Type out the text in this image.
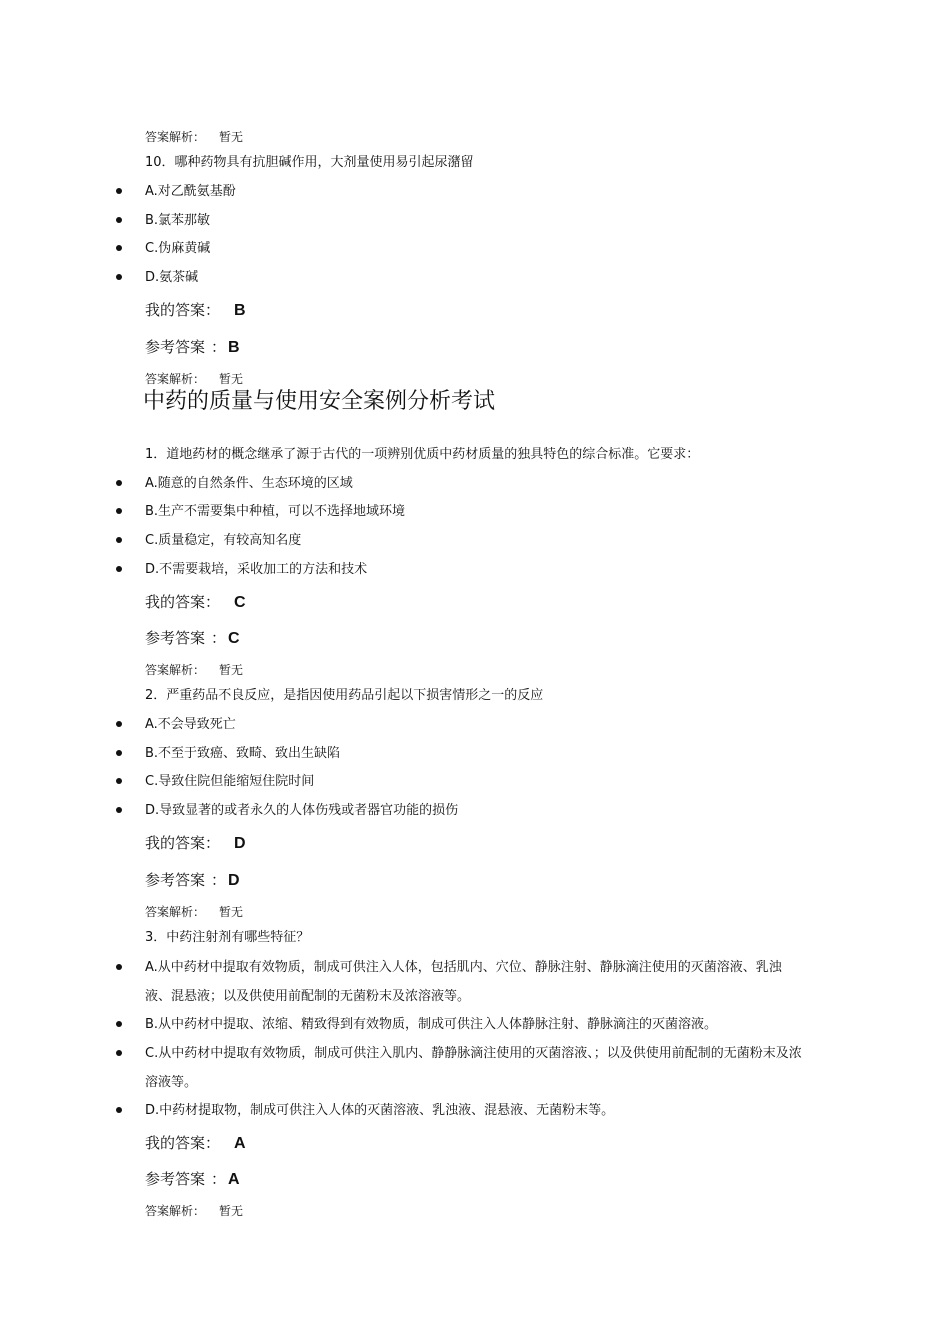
答案解析： 暂无
10．哪种药物具有抗胆碱作用，大剂量使用易引起尿潴留
A.对乙酰氨基酚
B.氯苯那敏
C.伪麻黄碱
D.氨茶碱
我的答案： B
参考答案 ： B
答案解析： 暂无
中药的质量与使用安全案例分析考试
1．道地药材的概念继承了源于古代的一项辨别优质中药材质量的独具特色的综合标准。它要求：
A.随意的自然条件、生态环境的区域
B.生产不需要集中种植，可以不选择地域环境
C.质量稳定，有较高知名度
D.不需要栽培，采收加工的方法和技术
我的答案： C
参考答案 ： C
答案解析： 暂无
2．严重药品不良反应，是指因使用药品引起以下损害情形之一的反应
A.不会导致死亡
B.不至于致癌、致畸、致出生缺陷
C.导致住院但能缩短住院时间
D.导致显著的或者永久的人体伤残或者器官功能的损伤
我的答案： D
参考答案 ： D
答案解析： 暂无
3．中药注射剂有哪些特征？
A.从中药材中提取有效物质，制成可供注入人体，包括肌内、穴位、静脉注射、静脉滴注使用的灭菌溶液、乳浊液、混悬液；以及供使用前配制的无菌粉末及浓溶液等。
B.从中药材中提取、浓缩、精致得到有效物质，制成可供注入人体静脉注射、静脉滴注的灭菌溶液。
C.从中药材中提取有效物质，制成可供注入肌内、静静脉滴注使用的灭菌溶液、；以及供使用前配制的无菌粉末及浓溶液等。
D.中药材提取物，制成可供注入人体的灭菌溶液、乳浊液、混悬液、无菌粉末等。
我的答案： A
参考答案 ： A
答案解析： 暂无
